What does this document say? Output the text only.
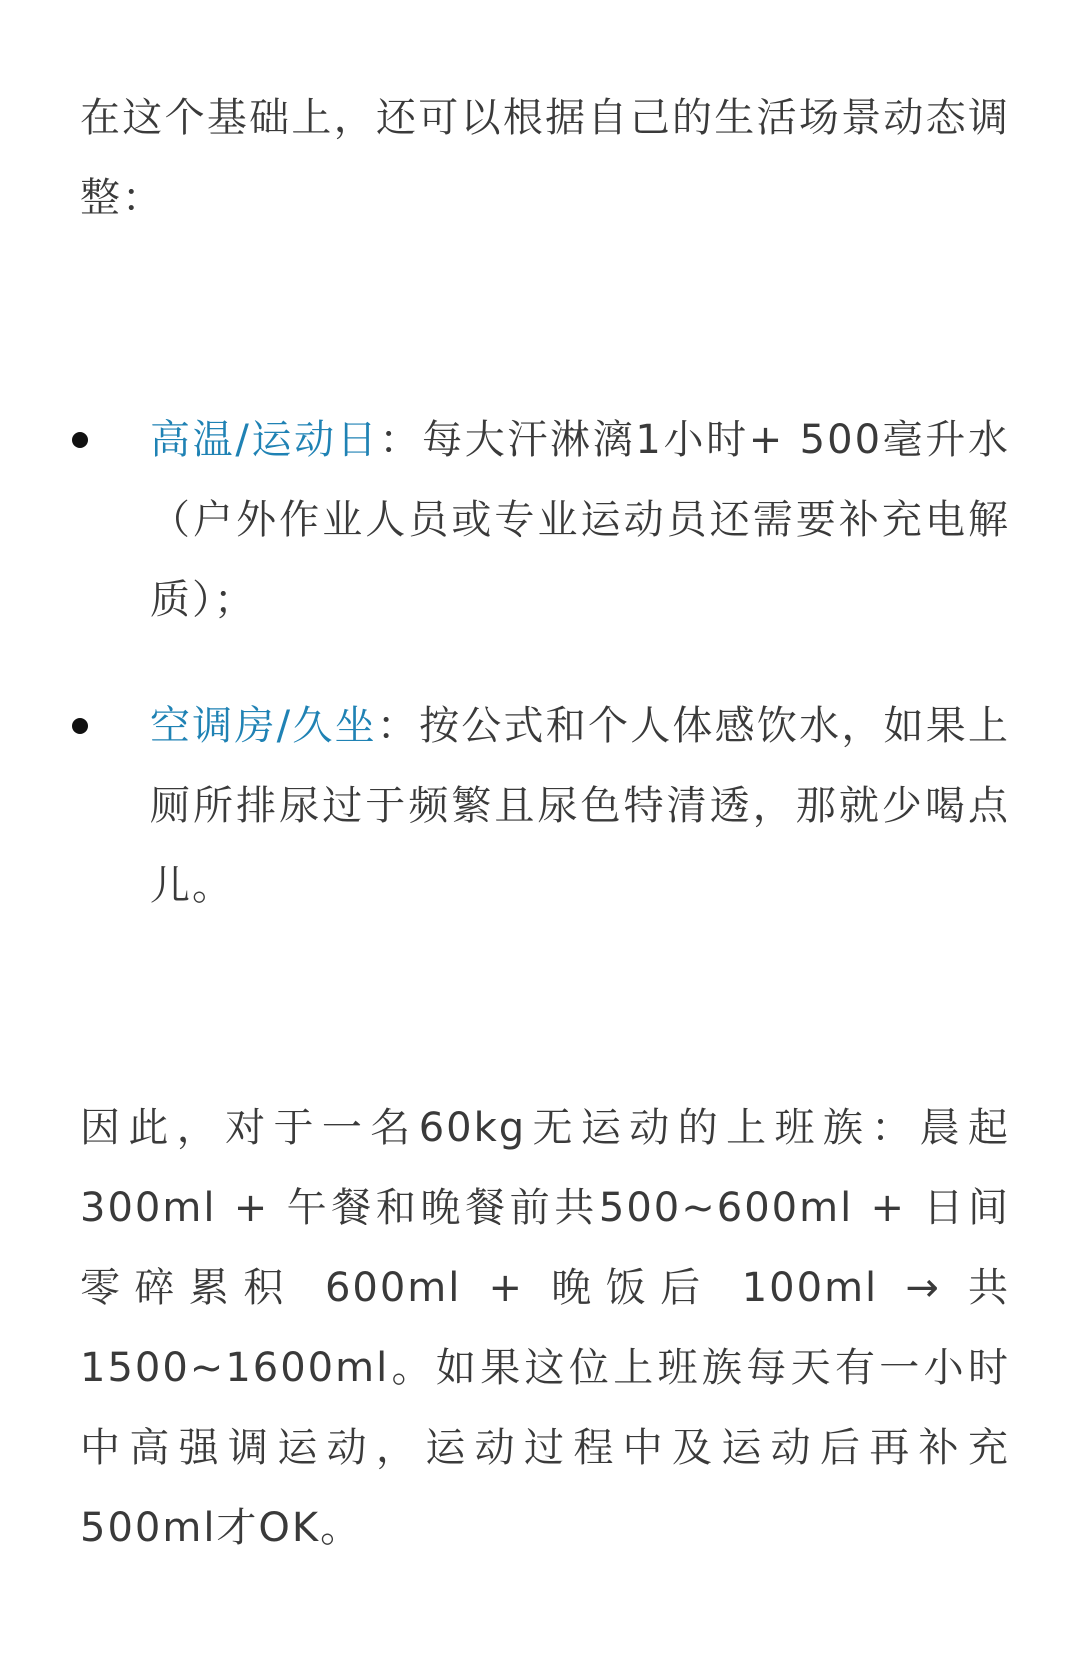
在这个基础上，还可以根据自己的生活场景动态调整：

高温/运动日：每大汗淋漓1小时+ 500毫升水（户外作业人员或专业运动员还需要补充电解质）；
空调房/久坐：按公式和个人体感饮水，如果上厕所排尿过于频繁且尿色特清透，那就少喝点儿。

因此，对于一名60kg无运动的上班族：晨起300ml + 午餐和晚餐前共500~600ml + 日间零碎累积 600ml + 晚饭后 100ml → 共1500~1600ml。如果这位上班族每天有一小时中高强调运动，运动过程中及运动后再补充500ml才OK。
